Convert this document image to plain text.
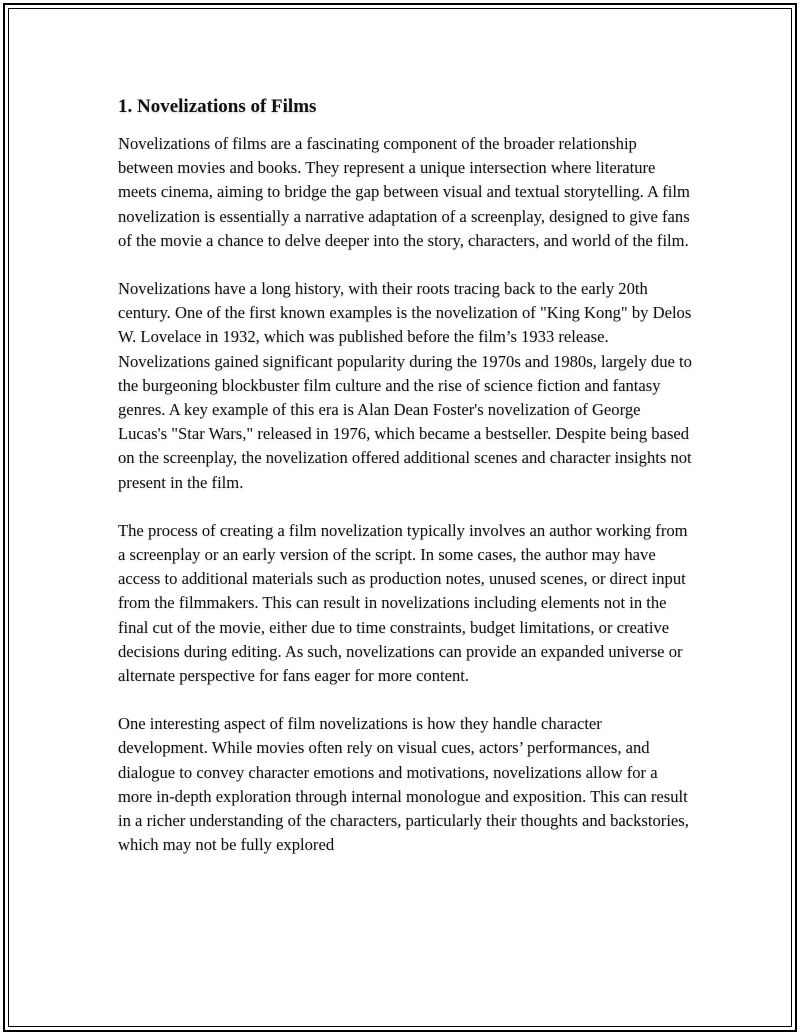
1. Novelizations of Films

Novelizations of films are a fascinating component of the broader relationship between movies and books. They represent a unique intersection where literature meets cinema, aiming to bridge the gap between visual and textual storytelling. A film novelization is essentially a narrative adaptation of a screenplay, designed to give fans of the movie a chance to delve deeper into the story, characters, and world of the film.

Novelizations have a long history, with their roots tracing back to the early 20th century. One of the first known examples is the novelization of "King Kong" by Delos W. Lovelace in 1932, which was published before the film’s 1933 release. Novelizations gained significant popularity during the 1970s and 1980s, largely due to the burgeoning blockbuster film culture and the rise of science fiction and fantasy genres. A key example of this era is Alan Dean Foster's novelization of George Lucas's "Star Wars," released in 1976, which became a bestseller. Despite being based on the screenplay, the novelization offered additional scenes and character insights not present in the film.

The process of creating a film novelization typically involves an author working from a screenplay or an early version of the script. In some cases, the author may have access to additional materials such as production notes, unused scenes, or direct input from the filmmakers. This can result in novelizations including elements not in the final cut of the movie, either due to time constraints, budget limitations, or creative decisions during editing. As such, novelizations can provide an expanded universe or alternate perspective for fans eager for more content.

One interesting aspect of film novelizations is how they handle character development. While movies often rely on visual cues, actors’ performances, and dialogue to convey character emotions and motivations, novelizations allow for a more in-depth exploration through internal monologue and exposition. This can result in a richer understanding of the characters, particularly their thoughts and backstories, which may not be fully explored
